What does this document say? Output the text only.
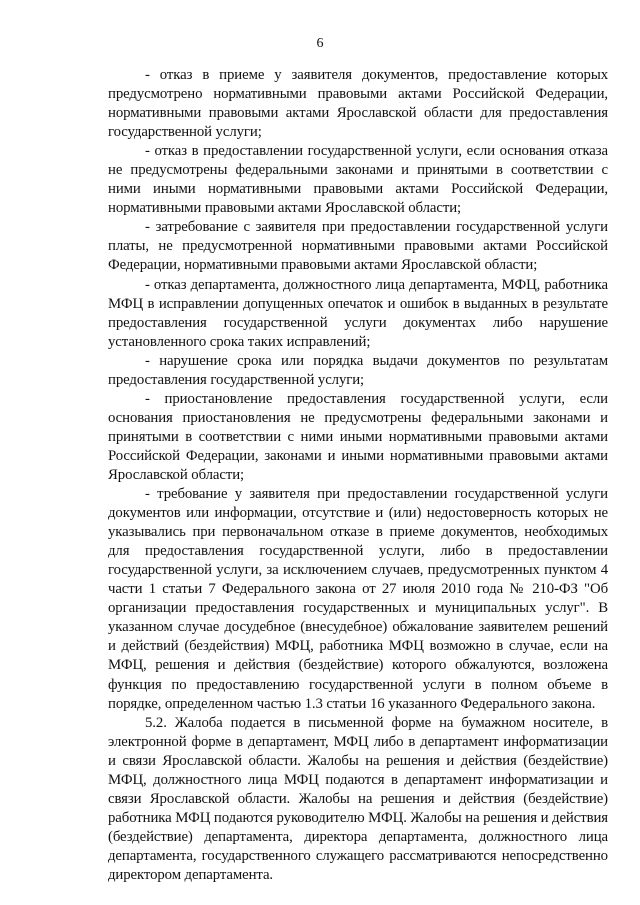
6

- отказ в приеме у заявителя документов, предоставление которых предусмотрено нормативными правовыми актами Российской Федерации, нормативными правовыми актами Ярославской области для предоставления государственной услуги;

- отказ в предоставлении государственной услуги, если основания отказа не предусмотрены федеральными законами и принятыми в соответствии с ними иными нормативными правовыми актами Российской Федерации, нормативными правовыми актами Ярославской области;

- затребование с заявителя при предоставлении государственной услуги платы, не предусмотренной нормативными правовыми актами Российской Федерации, нормативными правовыми актами Ярославской области;

- отказ департамента, должностного лица департамента, МФЦ, работника МФЦ в исправлении допущенных опечаток и ошибок в выданных в результате предоставления государственной услуги документах либо нарушение установленного срока таких исправлений;

- нарушение срока или порядка выдачи документов по результатам предоставления государственной услуги;

- приостановление предоставления государственной услуги, если основания приостановления не предусмотрены федеральными законами и принятыми в соответствии с ними иными нормативными правовыми актами Российской Федерации, законами и иными нормативными правовыми актами Ярославской области;

- требование у заявителя при предоставлении государственной услуги документов или информации, отсутствие и (или) недостоверность которых не указывались при первоначальном отказе в приеме документов, необходимых для предоставления государственной услуги, либо в предоставлении государственной услуги, за исключением случаев, предусмотренных пунктом 4 части 1 статьи 7 Федерального закона от 27 июля 2010 года № 210-ФЗ "Об организации предоставления государственных и муниципальных услуг". В указанном случае досудебное (внесудебное) обжалование заявителем решений и действий (бездействия) МФЦ, работника МФЦ возможно в случае, если на МФЦ, решения и действия (бездействие) которого обжалуются, возложена функция по предоставлению государственной услуги в полном объеме в порядке, определенном частью 1.3 статьи 16 указанного Федерального закона.

5.2. Жалоба подается в письменной форме на бумажном носителе, в электронной форме в департамент, МФЦ либо в департамент информатизации и связи Ярославской области. Жалобы на решения и действия (бездействие) МФЦ, должностного лица МФЦ подаются в департамент информатизации и связи Ярославской области. Жалобы на решения и действия (бездействие) работника МФЦ подаются руководителю МФЦ. Жалобы на решения и действия (бездействие) департамента, директора департамента, должностного лица департамента, государственного служащего рассматриваются непосредственно директором департамента.
